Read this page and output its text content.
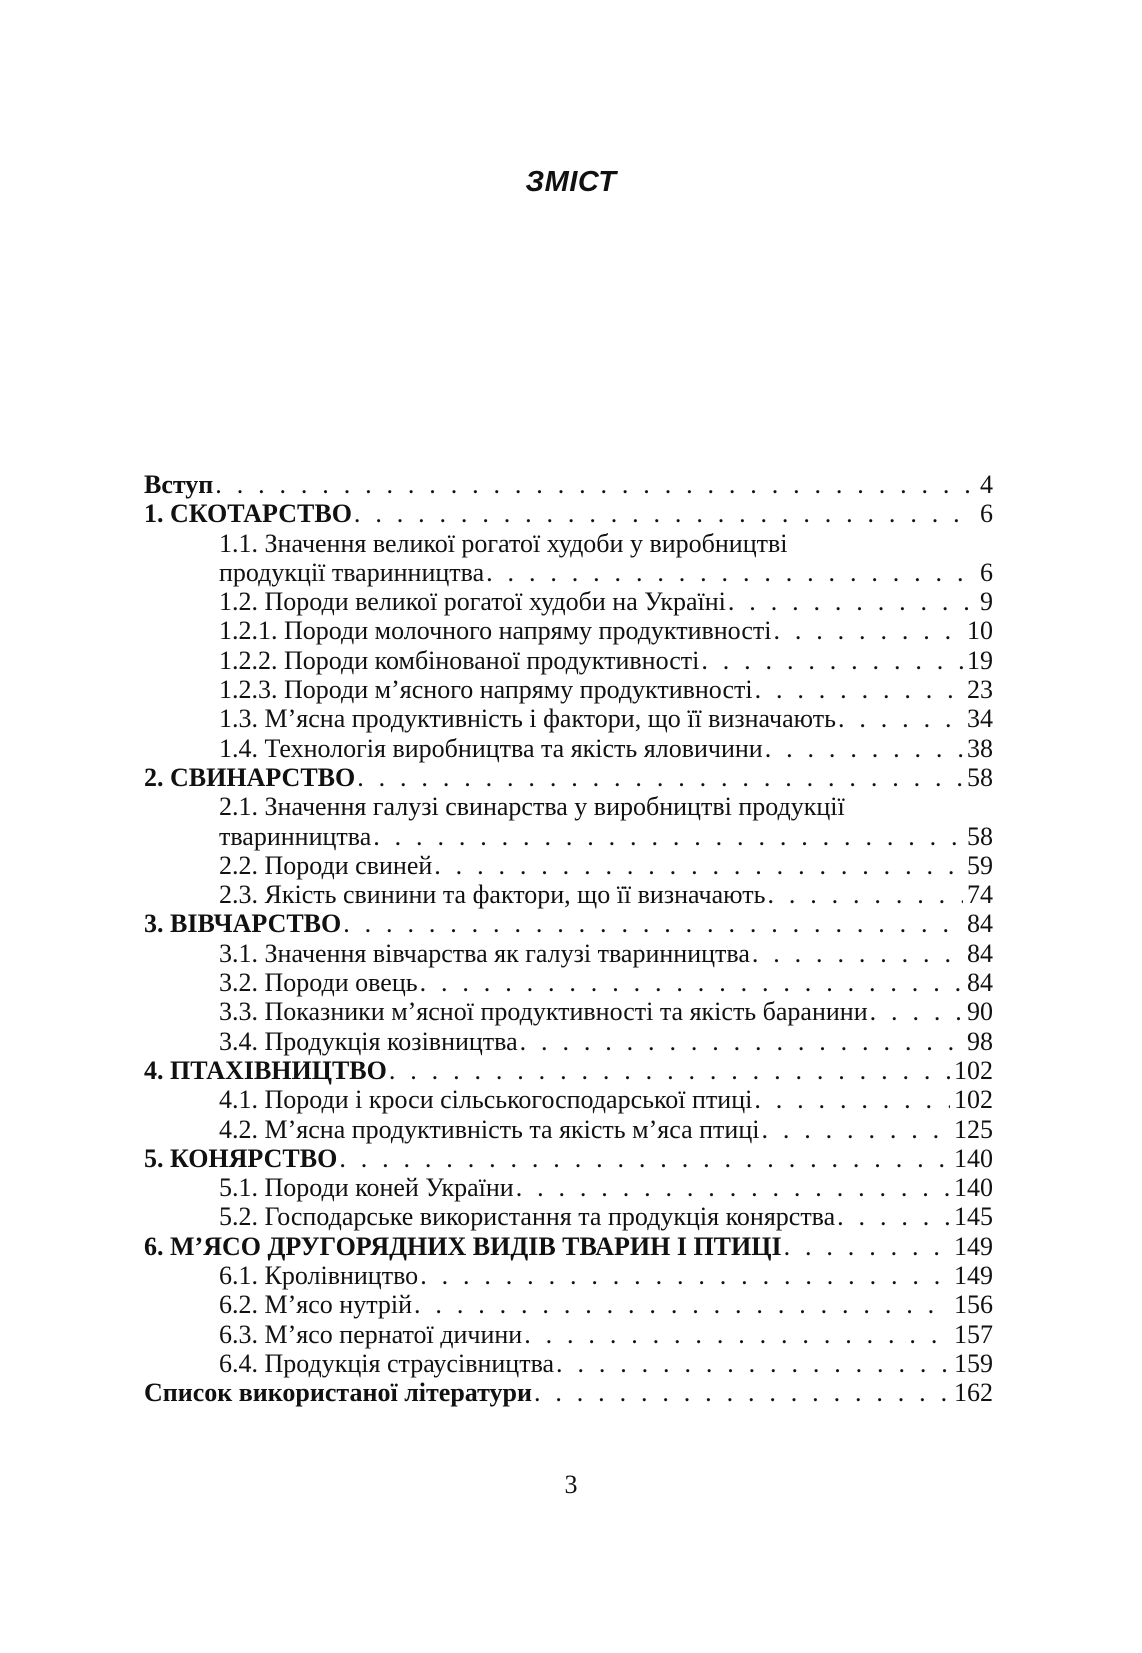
ЗМІСТ
Вступ . . .	4
1. СКОТАРСТВО . . .	6
1.1. Значення великої рогатої худоби у виробництві
продукції тваринництва . . .	6
1.2. Породи великої рогатої худоби на Україні . . .	9
1.2.1. Породи молочного напряму продуктивності . . .	10
1.2.2. Породи комбінованої продуктивності . . .	19
1.2.3. Породи м’ясного напряму продуктивності . . .	23
1.3. М’ясна продуктивність і фактори, що її визначають . . .	34
1.4. Технологія виробництва та якість яловичини . . .	38
2. СВИНАРСТВО . . .	58
2.1. Значення галузі свинарства у виробництві продукції
тваринництва . . .	58
2.2. Породи свиней . . .	59
2.3. Якість свинини та фактори, що її визначають . . .	74
3. ВІВЧАРСТВО . . .	84
3.1. Значення вівчарства як галузі тваринництва . . .	84
3.2. Породи овець . . .	84
3.3. Показники м’ясної продуктивності та якість баранини . . .	90
3.4. Продукція козівництва . . .	98
4. ПТАХІВНИЦТВО . . .	102
4.1. Породи і кроси сільськогосподарської птиці . . .	102
4.2. М’ясна продуктивність та якість м’яса птиці . . .	125
5. КОНЯРСТВО . . .	140
5.1. Породи коней України . . .	140
5.2. Господарське використання та продукція конярства . . .	145
6. М’ЯСО ДРУГОРЯДНИХ ВИДІВ ТВАРИН І ПТИЦІ . . .	149
6.1. Кролівництво . . .	149
6.2. М’ясо нутрій . . .	156
6.3. М’ясо пернатої дичини . . .	157
6.4. Продукція страусівництва . . .	159
Список використаної літератури . . .	162
3
